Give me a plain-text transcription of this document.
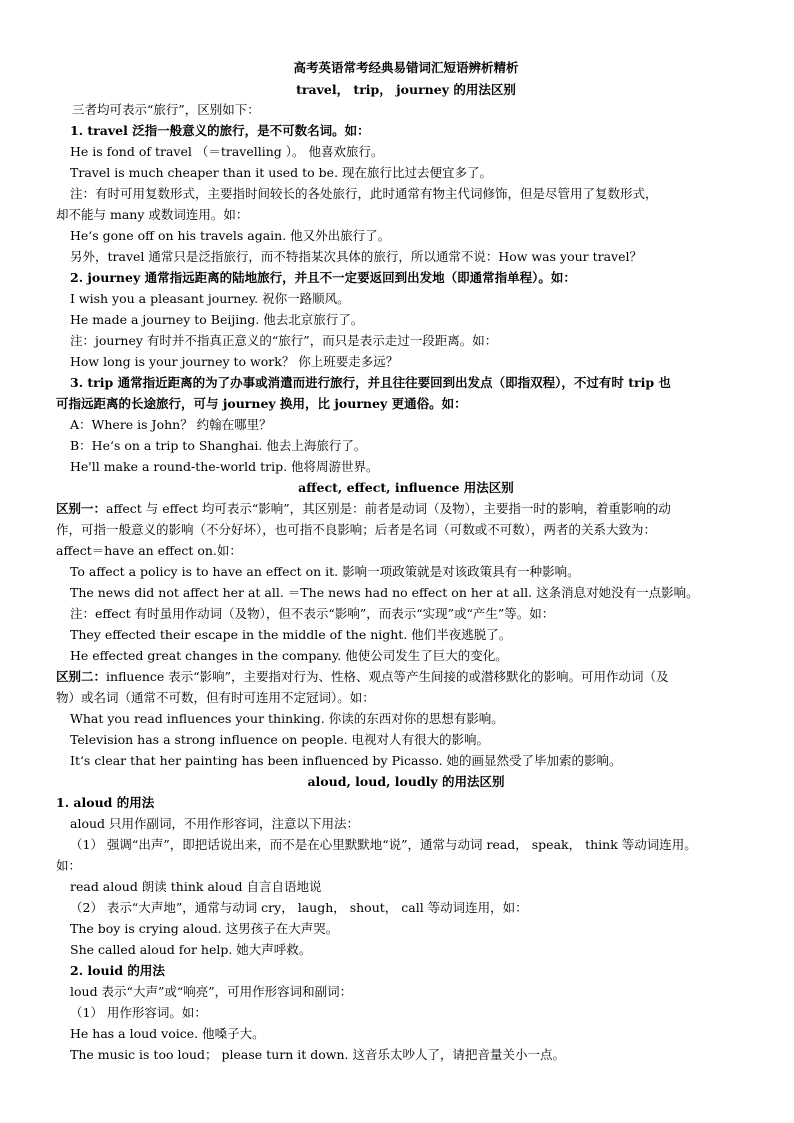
高考英语常考经典易错词汇短语辨析精析
travel， trip， journey 的用法区别
三者均可表示“旅行”，区别如下：
1. travel 泛指一般意义的旅行，是不可数名词。如：
He is fond of travel （＝travelling ）。 他喜欢旅行。
Travel is much cheaper than it used to be. 现在旅行比过去便宜多了。
注：有时可用复数形式，主要指时间较长的各处旅行，此时通常有物主代词修饰，但是尽管用了复数形式，
却不能与 many 或数词连用。如：
He‘s gone off on his travels again. 他又外出旅行了。
另外，travel 通常只是泛指旅行，而不特指某次具体的旅行，所以通常不说：How was your travel？
2. journey 通常指远距离的陆地旅行，并且不一定要返回到出发地（即通常指单程）。如：
I wish you a pleasant journey. 祝你一路顺风。
He made a journey to Beijing. 他去北京旅行了。
注：journey 有时并不指真正意义的“旅行”，而只是表示走过一段距离。如：
How long is your journey to work？ 你上班要走多远？
3. trip 通常指近距离的为了办事或消遣而进行旅行，并且往往要回到出发点（即指双程），不过有时 trip 也
可指远距离的长途旅行，可与 journey 换用，比 journey 更通俗。如：
A：Where is John？ 约翰在哪里？
B：He‘s on a trip to Shanghai. 他去上海旅行了。
He'll make a round-the-world trip. 他将周游世界。
affect, effect, influence 用法区别
区别一：affect 与 effect 均可表示“影响”，其区别是：前者是动词（及物），主要指一时的影响，着重影响的动
作，可指一般意义的影响（不分好坏），也可指不良影响；后者是名词（可数或不可数），两者的关系大致为：
affect＝have an effect on.如：
To affect a policy is to have an effect on it. 影响一项政策就是对该政策具有一种影响。
The news did not affect her at all. ＝The news had no effect on her at all. 这条消息对她没有一点影响。
注：effect 有时虽用作动词（及物），但不表示“影响”，而表示“实现”或“产生”等。如：
They effected their escape in the middle of the night. 他们半夜逃脱了。
He effected great changes in the company. 他使公司发生了巨大的变化。
区别二：influence 表示“影响”，主要指对行为、性格、观点等产生间接的或潜移默化的影响。可用作动词（及
物）或名词（通常不可数，但有时可连用不定冠词）。如：
What you read influences your thinking. 你读的东西对你的思想有影响。
Television has a strong influence on people. 电视对人有很大的影响。
It‘s clear that her painting has been influenced by Picasso. 她的画显然受了毕加索的影响。
aloud, loud, loudly 的用法区别
1. aloud 的用法
aloud 只用作副词，不用作形容词，注意以下用法：
（1） 强调“出声”，即把话说出来，而不是在心里默默地“说”，通常与动词 read， speak， think 等动词连用。
如：
read aloud 朗读 think aloud 自言自语地说
（2） 表示“大声地”，通常与动词 cry， laugh， shout， call 等动词连用，如：
The boy is crying aloud. 这男孩子在大声哭。
She called aloud for help. 她大声呼救。
2. louid 的用法
loud 表示“大声”或“响亮”，可用作形容词和副词：
（1） 用作形容词。如：
He has a loud voice. 他嗓子大。
The music is too loud； please turn it down. 这音乐太吵人了，请把音量关小一点。
